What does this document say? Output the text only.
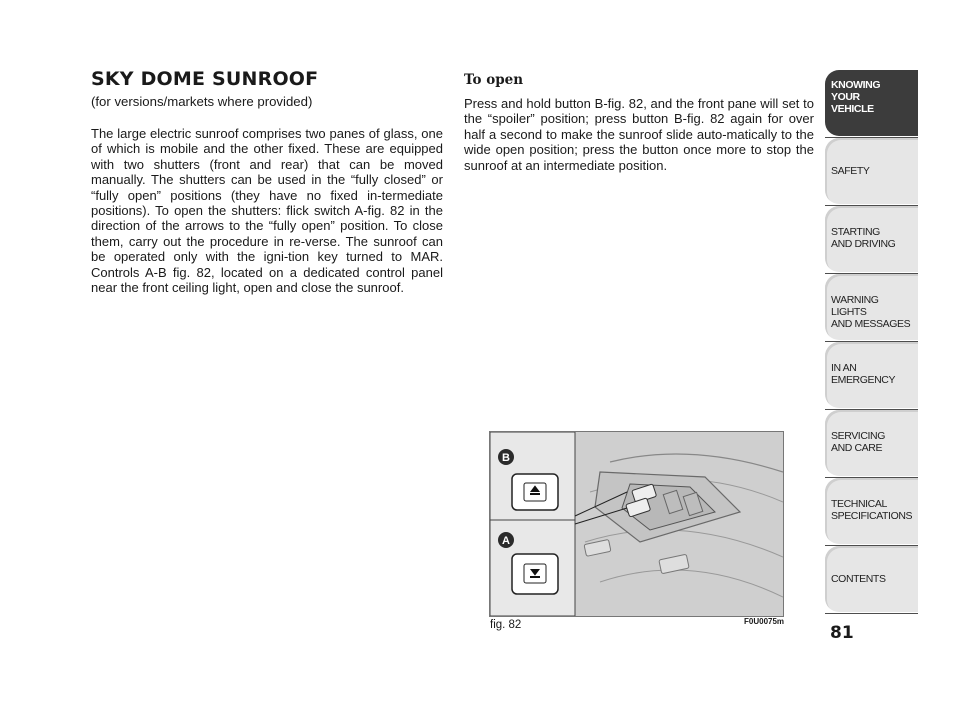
SKY DOME SUNROOF
(for versions/markets where provided)

The large electric sunroof comprises two panes of glass, one of which is mobile and the other fixed. These are equipped with two shutters (front and rear) that can be moved manually. The shutters can be used in the “fully closed” or “fully open” positions (they have no fixed in-termediate positions). To open the shutters: flick switch A-fig. 82 in the direction of the arrows to the “fully open” position. To close them, carry out the procedure in re-verse. The sunroof can be operated only with the igni-tion key turned to MAR. Controls A-B fig. 82, located on a dedicated control panel near the front ceiling light, open and close the sunroof.

To open

Press and hold button B-fig. 82, and the front pane will set to the “spoiler” position; press button B-fig. 82 again for over half a second to make the sunroof slide auto-matically to the wide open position; press the button once more to stop the sunroof at an intermediate position.

B
A
fig. 82	F0U0075m
81
KNOWING
YOUR
VEHICLE
SAFETY
STARTING
AND DRIVING
WARNING LIGHTS
AND MESSAGES
IN AN
EMERGENCY
SERVICING
AND CARE
TECHNICAL
SPECIFICATIONS
CONTENTS
